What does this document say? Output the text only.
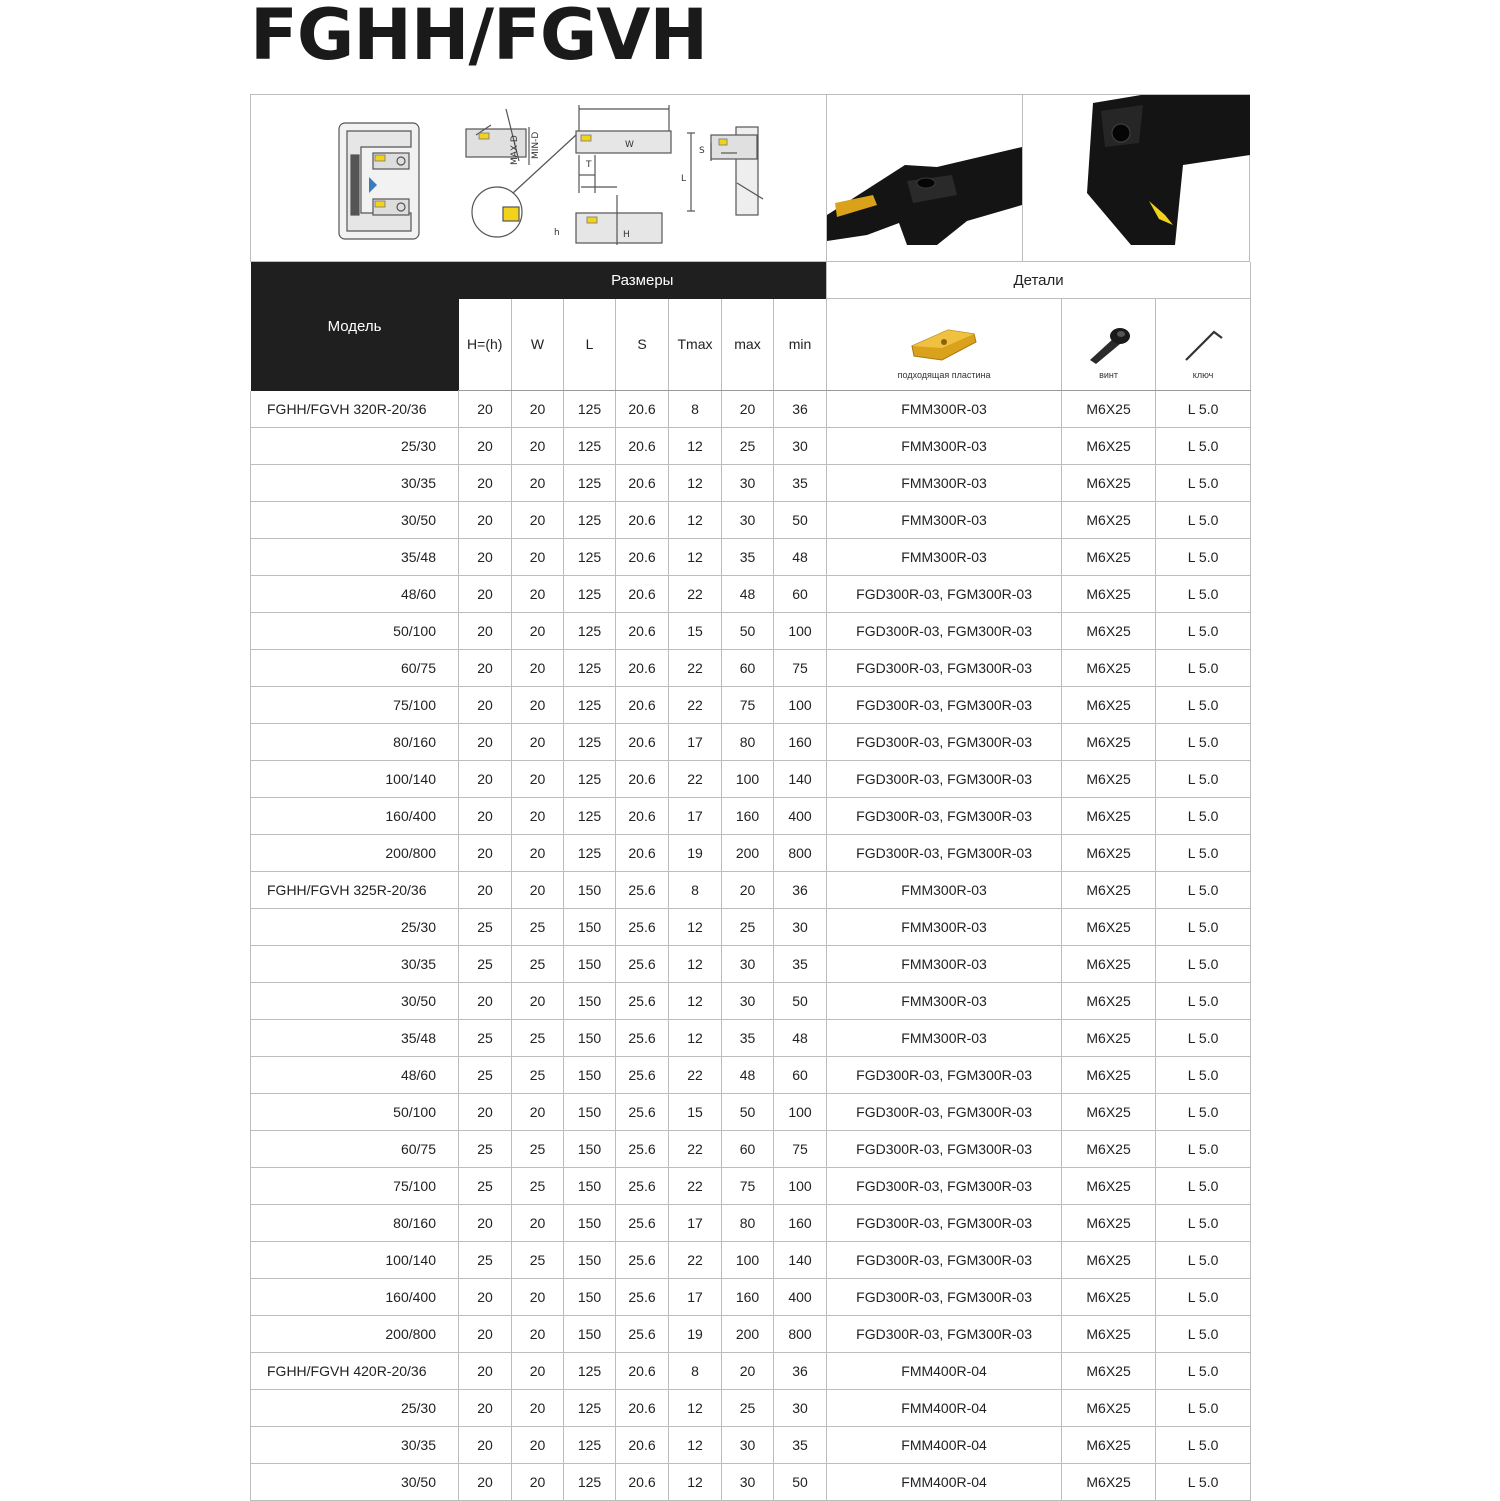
FGHH/FGVH
MAX-D MIN-D	W
T
S
L
h	H
Модель	Размеры							Детали		
	H=(h)	W	L	S	Tmax	max	min	подходящая пластина	винт	ключ

FGHH/FGVH 320R-20/36	20	20	125	20.6	8	20	36	FMM300R-03	M6X25	L 5.0
25/30	20	20	125	20.6	12	25	30	FMM300R-03	M6X25	L 5.0
30/35	20	20	125	20.6	12	30	35	FMM300R-03	M6X25	L 5.0
30/50	20	20	125	20.6	12	30	50	FMM300R-03	M6X25	L 5.0
35/48	20	20	125	20.6	12	35	48	FMM300R-03	M6X25	L 5.0
48/60	20	20	125	20.6	22	48	60	FGD300R-03, FGM300R-03	M6X25	L 5.0
50/100	20	20	125	20.6	15	50	100	FGD300R-03, FGM300R-03	M6X25	L 5.0
60/75	20	20	125	20.6	22	60	75	FGD300R-03, FGM300R-03	M6X25	L 5.0
75/100	20	20	125	20.6	22	75	100	FGD300R-03, FGM300R-03	M6X25	L 5.0
80/160	20	20	125	20.6	17	80	160	FGD300R-03, FGM300R-03	M6X25	L 5.0
100/140	20	20	125	20.6	22	100	140	FGD300R-03, FGM300R-03	M6X25	L 5.0
160/400	20	20	125	20.6	17	160	400	FGD300R-03, FGM300R-03	M6X25	L 5.0
200/800	20	20	125	20.6	19	200	800	FGD300R-03, FGM300R-03	M6X25	L 5.0
FGHH/FGVH 325R-20/36	20	20	150	25.6	8	20	36	FMM300R-03	M6X25	L 5.0
25/30	25	25	150	25.6	12	25	30	FMM300R-03	M6X25	L 5.0
30/35	25	25	150	25.6	12	30	35	FMM300R-03	M6X25	L 5.0
30/50	20	20	150	25.6	12	30	50	FMM300R-03	M6X25	L 5.0
35/48	25	25	150	25.6	12	35	48	FMM300R-03	M6X25	L 5.0
48/60	25	25	150	25.6	22	48	60	FGD300R-03, FGM300R-03	M6X25	L 5.0
50/100	20	20	150	25.6	15	50	100	FGD300R-03, FGM300R-03	M6X25	L 5.0
60/75	25	25	150	25.6	22	60	75	FGD300R-03, FGM300R-03	M6X25	L 5.0
75/100	25	25	150	25.6	22	75	100	FGD300R-03, FGM300R-03	M6X25	L 5.0
80/160	20	20	150	25.6	17	80	160	FGD300R-03, FGM300R-03	M6X25	L 5.0
100/140	25	25	150	25.6	22	100	140	FGD300R-03, FGM300R-03	M6X25	L 5.0
160/400	20	20	150	25.6	17	160	400	FGD300R-03, FGM300R-03	M6X25	L 5.0
200/800	20	20	150	25.6	19	200	800	FGD300R-03, FGM300R-03	M6X25	L 5.0
FGHH/FGVH 420R-20/36	20	20	125	20.6	8	20	36	FMM400R-04	M6X25	L 5.0
25/30	20	20	125	20.6	12	25	30	FMM400R-04	M6X25	L 5.0
30/35	20	20	125	20.6	12	30	35	FMM400R-04	M6X25	L 5.0
30/50	20	20	125	20.6	12	30	50	FMM400R-04	M6X25	L 5.0
